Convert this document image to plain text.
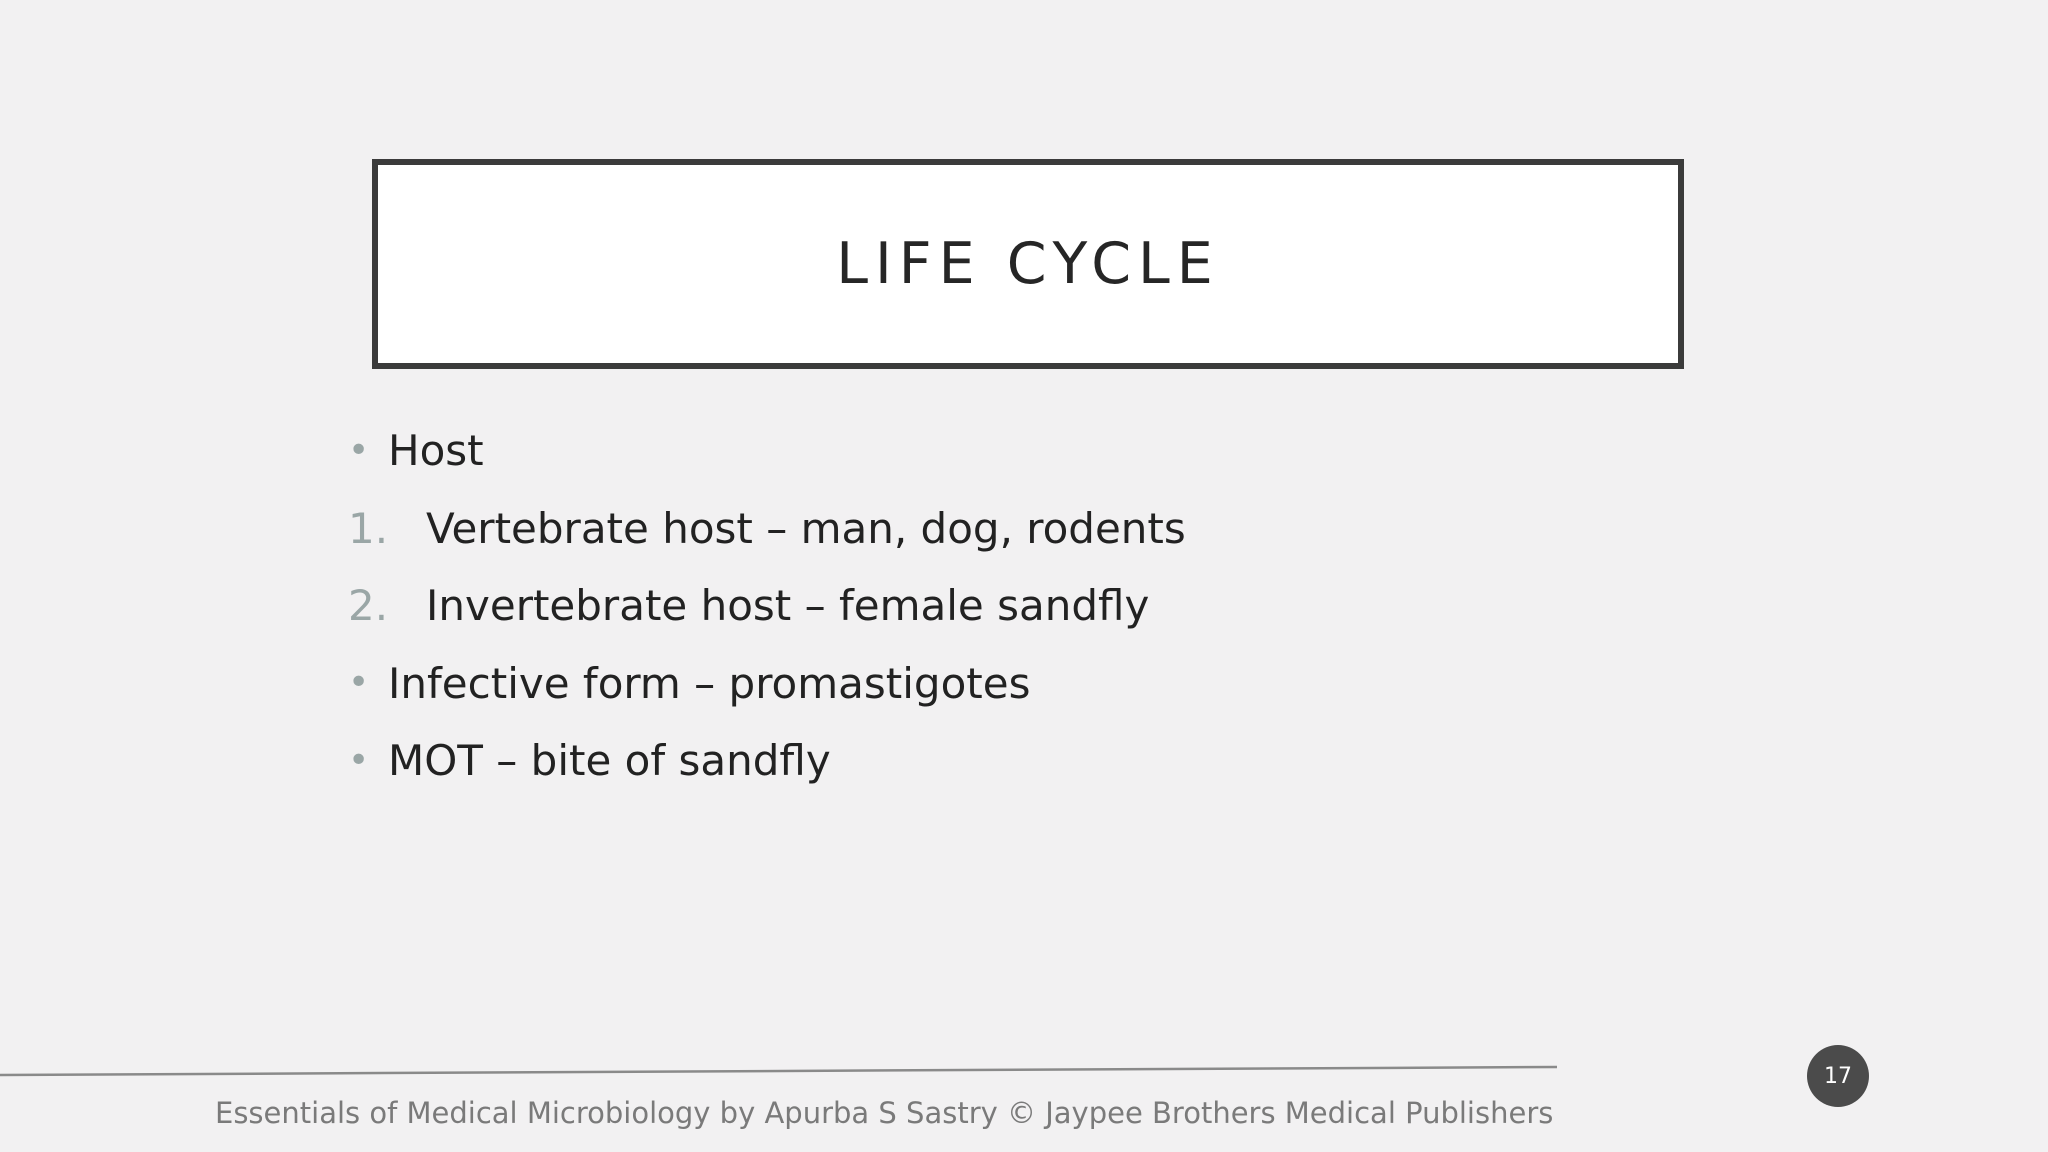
LIFE CYCLE
• Host
1. Vertebrate host – man, dog, rodents
2. Invertebrate host – female sandfly
• Infective form – promastigotes
• MOT – bite of sandfly
Essentials of Medical Microbiology by Apurba S Sastry © Jaypee Brothers Medical Publishers
17
